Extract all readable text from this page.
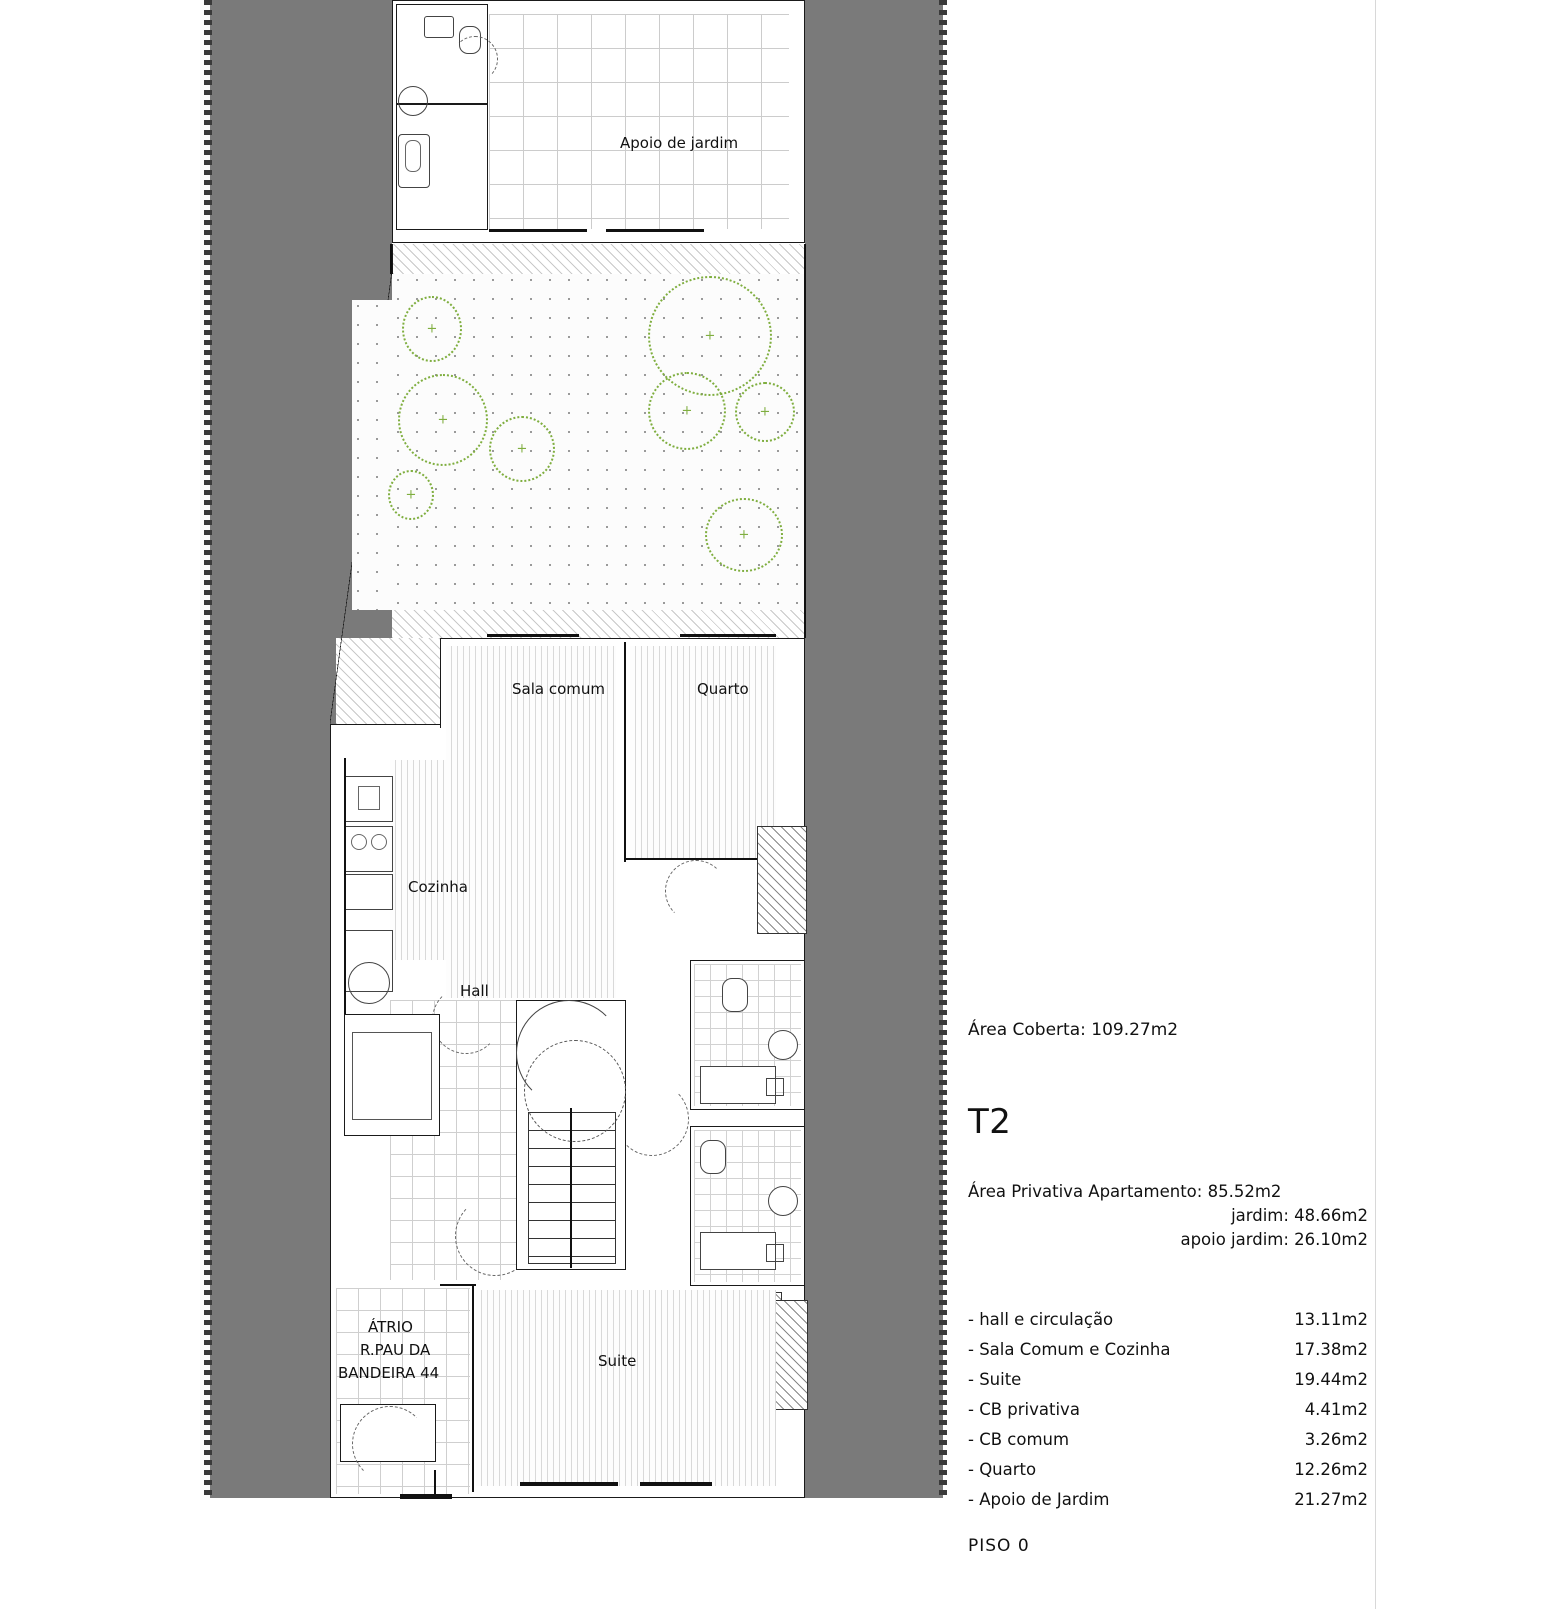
Apoio de jardim
+
+
+
+
+
+
+
+
Sala comum	Quarto
Cozinha
Hall
Suite
ÁTRIO
R.PAU DA
BANDEIRA 44
Área Coberta: 109.27m2
T2
Área Privativa Apartamento: 85.52m2
jardim: 48.66m2
apoio jardim: 26.10m2
- hall e circulação	13.11m2
- Sala Comum e Cozinha	17.38m2
- Suite	19.44m2
- CB privativa	4.41m2
- CB comum	3.26m2
- Quarto	12.26m2
- Apoio de Jardim	21.27m2
PISO 0
